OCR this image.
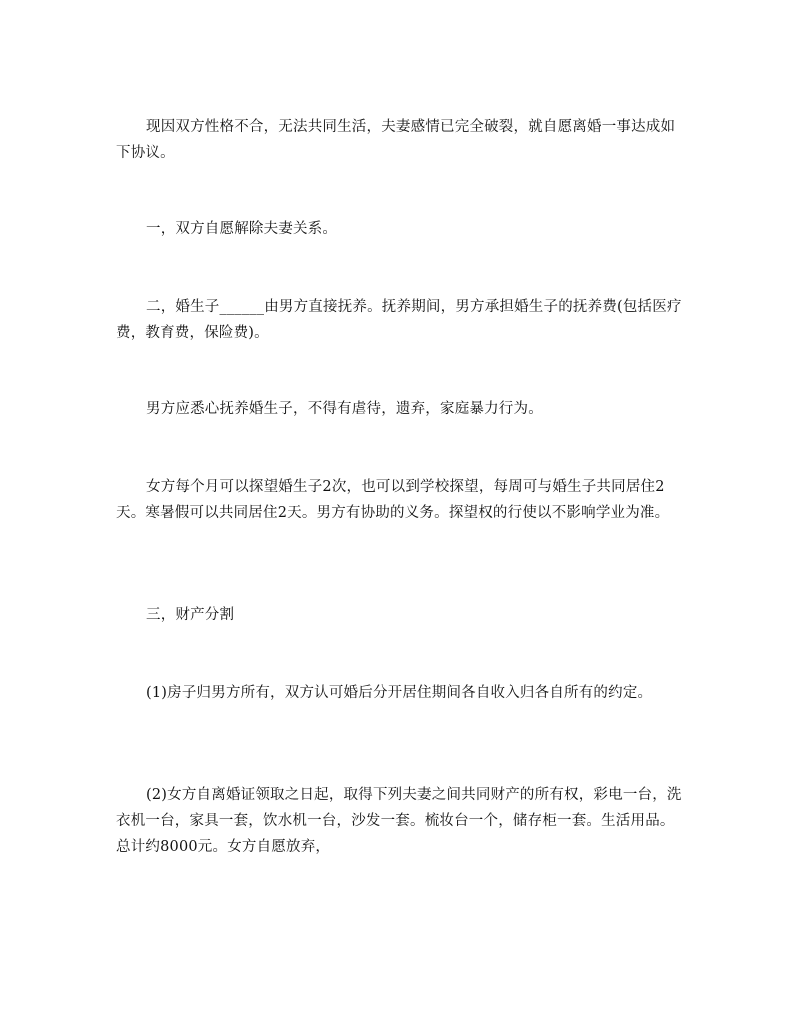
现因双方性格不合，无法共同生活，夫妻感情已完全破裂，就自愿离婚一事达成如下协议。

一，双方自愿解除夫妻关系。

二，婚生子______由男方直接抚养。抚养期间，男方承担婚生子的抚养费(包括医疗费，教育费，保险费)。

男方应悉心抚养婚生子，不得有虐待，遗弃，家庭暴力行为。

女方每个月可以探望婚生子2次，也可以到学校探望，每周可与婚生子共同居住2天。寒暑假可以共同居住2天。男方有协助的义务。探望权的行使以不影响学业为准。

三，财产分割

(1)房子归男方所有，双方认可婚后分开居住期间各自收入归各自所有的约定。

(2)女方自离婚证领取之日起，取得下列夫妻之间共同财产的所有权，彩电一台，洗衣机一台，家具一套，饮水机一台，沙发一套。梳妆台一个，储存柜一套。生活用品。总计约8000元。女方自愿放弃，
